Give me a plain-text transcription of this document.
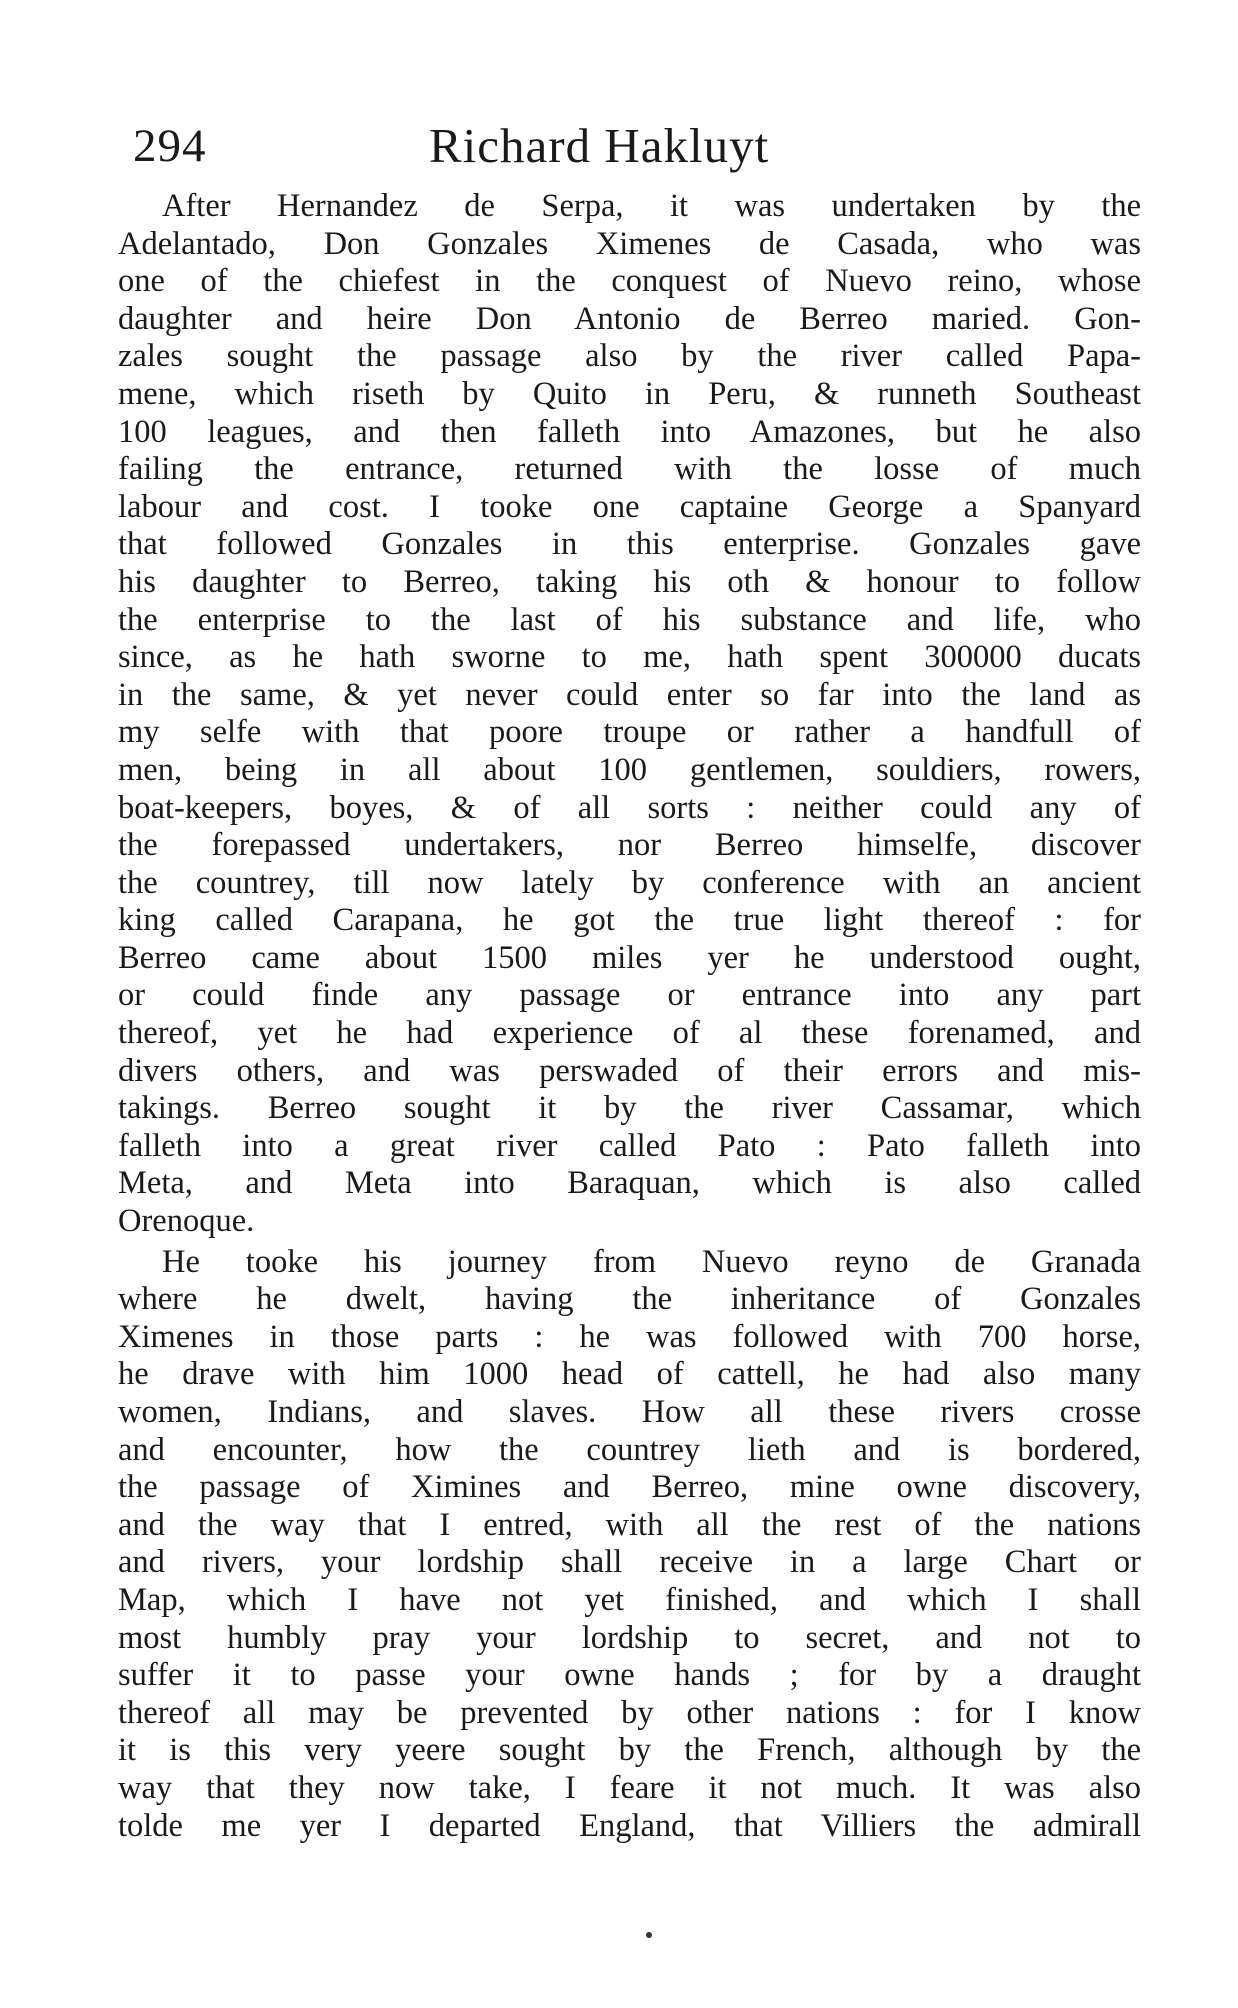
294	Richard Hakluyt
After Hernandez de Serpa, it was undertaken by the
Adelantado, Don Gonzales Ximenes de Casada, who was
one of the chiefest in the conquest of Nuevo reino, whose
daughter and heire Don Antonio de Berreo maried. Gon-
zales sought the passage also by the river called Papa-
mene, which riseth by Quito in Peru, & runneth Southeast
100 leagues, and then falleth into Amazones, but he also
failing the entrance, returned with the losse of much
labour and cost. I tooke one captaine George a Spanyard
that followed Gonzales in this enterprise. Gonzales gave
his daughter to Berreo, taking his oth & honour to follow
the enterprise to the last of his substance and life, who
since, as he hath sworne to me, hath spent 300000 ducats
in the same, & yet never could enter so far into the land as
my selfe with that poore troupe or rather a handfull of
men, being in all about 100 gentlemen, souldiers, rowers,
boat-keepers, boyes, & of all sorts : neither could any of
the forepassed undertakers, nor Berreo himselfe, discover
the countrey, till now lately by conference with an ancient
king called Carapana, he got the true light thereof : for
Berreo came about 1500 miles yer he understood ought,
or could finde any passage or entrance into any part
thereof, yet he had experience of al these forenamed, and
divers others, and was perswaded of their errors and mis-
takings. Berreo sought it by the river Cassamar, which
falleth into a great river called Pato : Pato falleth into
Meta, and Meta into Baraquan, which is also called
Orenoque.
He tooke his journey from Nuevo reyno de Granada
where he dwelt, having the inheritance of Gonzales
Ximenes in those parts : he was followed with 700 horse,
he drave with him 1000 head of cattell, he had also many
women, Indians, and slaves. How all these rivers crosse
and encounter, how the countrey lieth and is bordered,
the passage of Ximines and Berreo, mine owne discovery,
and the way that I entred, with all the rest of the nations
and rivers, your lordship shall receive in a large Chart or
Map, which I have not yet finished, and which I shall
most humbly pray your lordship to secret, and not to
suffer it to passe your owne hands ; for by a draught
thereof all may be prevented by other nations : for I know
it is this very yeere sought by the French, although by the
way that they now take, I feare it not much. It was also
tolde me yer I departed England, that Villiers the admirall
